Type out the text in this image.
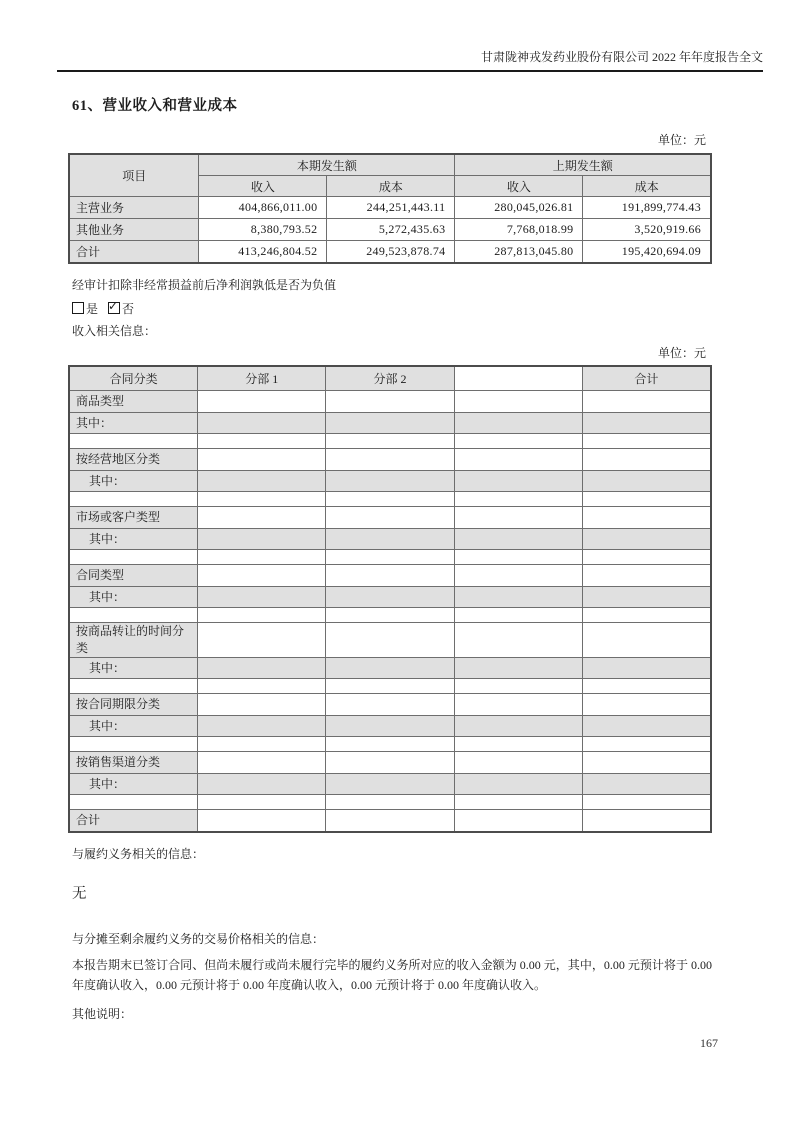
甘肃陇神戎发药业股份有限公司 2022 年年度报告全文
61、营业收入和营业成本
单位：元
项目	本期发生额		上期发生额	
	收入	成本	收入	成本
主营业务	404,866,011.00	244,251,443.11	280,045,026.81	191,899,774.43
其他业务	8,380,793.52	5,272,435.63	7,768,018.99	3,520,919.66
合计	413,246,804.52	249,523,878.74	287,813,045.80	195,420,694.09
经审计扣除非经常损益前后净利润孰低是否为负值
是 ✓ 否
收入相关信息：
单位：元
合同分类	分部 1	分部 2		合计
商品类型				
其中：				

按经营地区分类				
其中：				

市场或客户类型				
其中：				

合同类型				
其中：				

按商品转让的时间分类				
其中：				

按合同期限分类				
其中：				

按销售渠道分类				
其中：				

合计				
与履约义务相关的信息：
无
与分摊至剩余履约义务的交易价格相关的信息：
本报告期末已签订合同、但尚未履行或尚未履行完毕的履约义务所对应的收入金额为 0.00 元，其中，0.00 元预计将于 0.00 年度确认收入，0.00 元预计将于 0.00 年度确认收入，0.00 元预计将于 0.00 年度确认收入。
其他说明：
167
